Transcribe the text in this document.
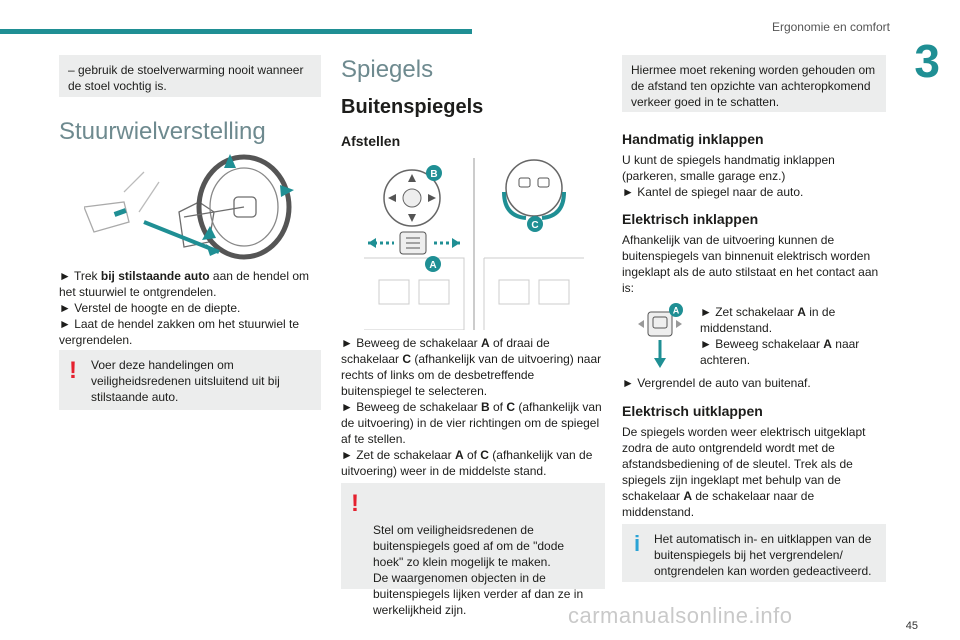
Ergonomie en comfort
3
– gebruik de stoelverwarming nooit wanneer de stoel vochtig is.
Stuurwielverstelling

► Trek bij stilstaande auto aan de hendel om het stuurwiel te ontgrendelen.

► Verstel de hoogte en de diepte.

► Laat de hendel zakken om het stuurwiel te vergrendelen.

! Voer deze handelingen om veiligheidsredenen uitsluitend uit bij stilstaande auto.
Spiegels
Buitenspiegels
Afstellen
B
C
A

► Beweeg de schakelaar A of draai de schakelaar C (afhankelijk van de uitvoering) naar rechts of links om de desbetreffende buitenspiegel te selecteren.

► Beweeg de schakelaar B of C (afhankelijk van de uitvoering) in de vier richtingen om de spiegel af te stellen.

► Zet de schakelaar A of C (afhankelijk van de uitvoering) weer in de middelste stand.

!

Stel om veiligheidsredenen de buitenspiegels goed af om de "dode hoek" zo klein mogelijk te maken.
De waargenomen objecten in de buitenspiegels lijken verder af dan ze in werkelijkheid zijn.

Hiermee moet rekening worden gehouden om de afstand ten opzichte van achteropkomend verkeer goed in te schatten.
Handmatig inklappen

U kunt de spiegels handmatig inklappen (parkeren, smalle garage enz.)

► Kantel de spiegel naar de auto.

Elektrisch inklappen

Afhankelijk van de uitvoering kunnen de buitenspiegels van binnenuit elektrisch worden ingeklapt als de auto stilstaat en het contact aan is:

A ► Zet schakelaar A in de middenstand.

► Beweeg schakelaar A naar achteren.

► Vergrendel de auto van buitenaf.

Elektrisch uitklappen

De spiegels worden weer elektrisch uitgeklapt zodra de auto ontgrendeld wordt met de afstandsbediening of de sleutel. Trek als de spiegels zijn ingeklapt met behulp van de schakelaar A de schakelaar naar de middenstand.

i Het automatisch in- en uitklappen van de buitenspiegels bij het vergrendelen/ ontgrendelen kan worden gedeactiveerd.
carmanualsonline.info	45
